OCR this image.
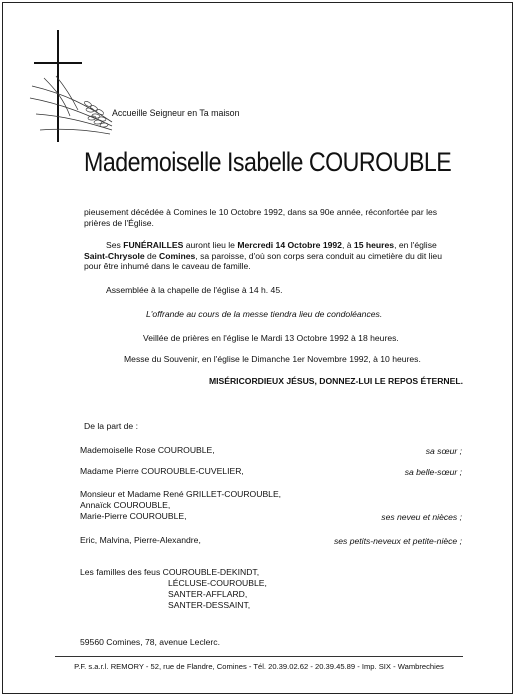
Accueille Seigneur en Ta maison
Mademoiselle Isabelle COUROUBLE
pieusement décédée à Comines le 10 Octobre 1992, dans sa 90e année, réconfortée par les
prières de l'Église.
Ses FUNÉRAILLES auront lieu le Mercredi 14 Octobre 1992, à 15 heures, en l'église
Saint-Chrysole de Comines, sa paroisse, d'où son corps sera conduit au cimetière du dit lieu
pour être inhumé dans le caveau de famille.
Assemblée à la chapelle de l'église à 14 h. 45.
L'offrande au cours de la messe tiendra lieu de condoléances.
Veillée de prières en l'église le Mardi 13 Octobre 1992 à 18 heures.
Messe du Souvenir, en l'église le Dimanche 1er Novembre 1992, à 10 heures.
MISÉRICORDIEUX JÉSUS, DONNEZ-LUI LE REPOS ÉTERNEL.
De la part de :
Mademoiselle Rose COUROUBLE,	sa sœur ;
Madame Pierre COUROUBLE-CUVELIER,	sa belle-sœur ;
Monsieur et Madame René GRILLET-COUROUBLE,
Annaïck COUROUBLE,
Marie-Pierre COUROUBLE,	ses neveu et nièces ;
Eric, Malvina, Pierre-Alexandre,	ses petits-neveux et petite-nièce ;
Les familles des feus COUROUBLE-DEKINDT,
LÉCLUSE-COUROUBLE,
SANTER-AFFLARD,
SANTER-DESSAINT,
59560 Comines, 78, avenue Leclerc.
P.F. s.a.r.l. REMORY - 52, rue de Flandre, Comines - Tél. 20.39.02.62 - 20.39.45.89 - Imp. SIX - Wambrechies
